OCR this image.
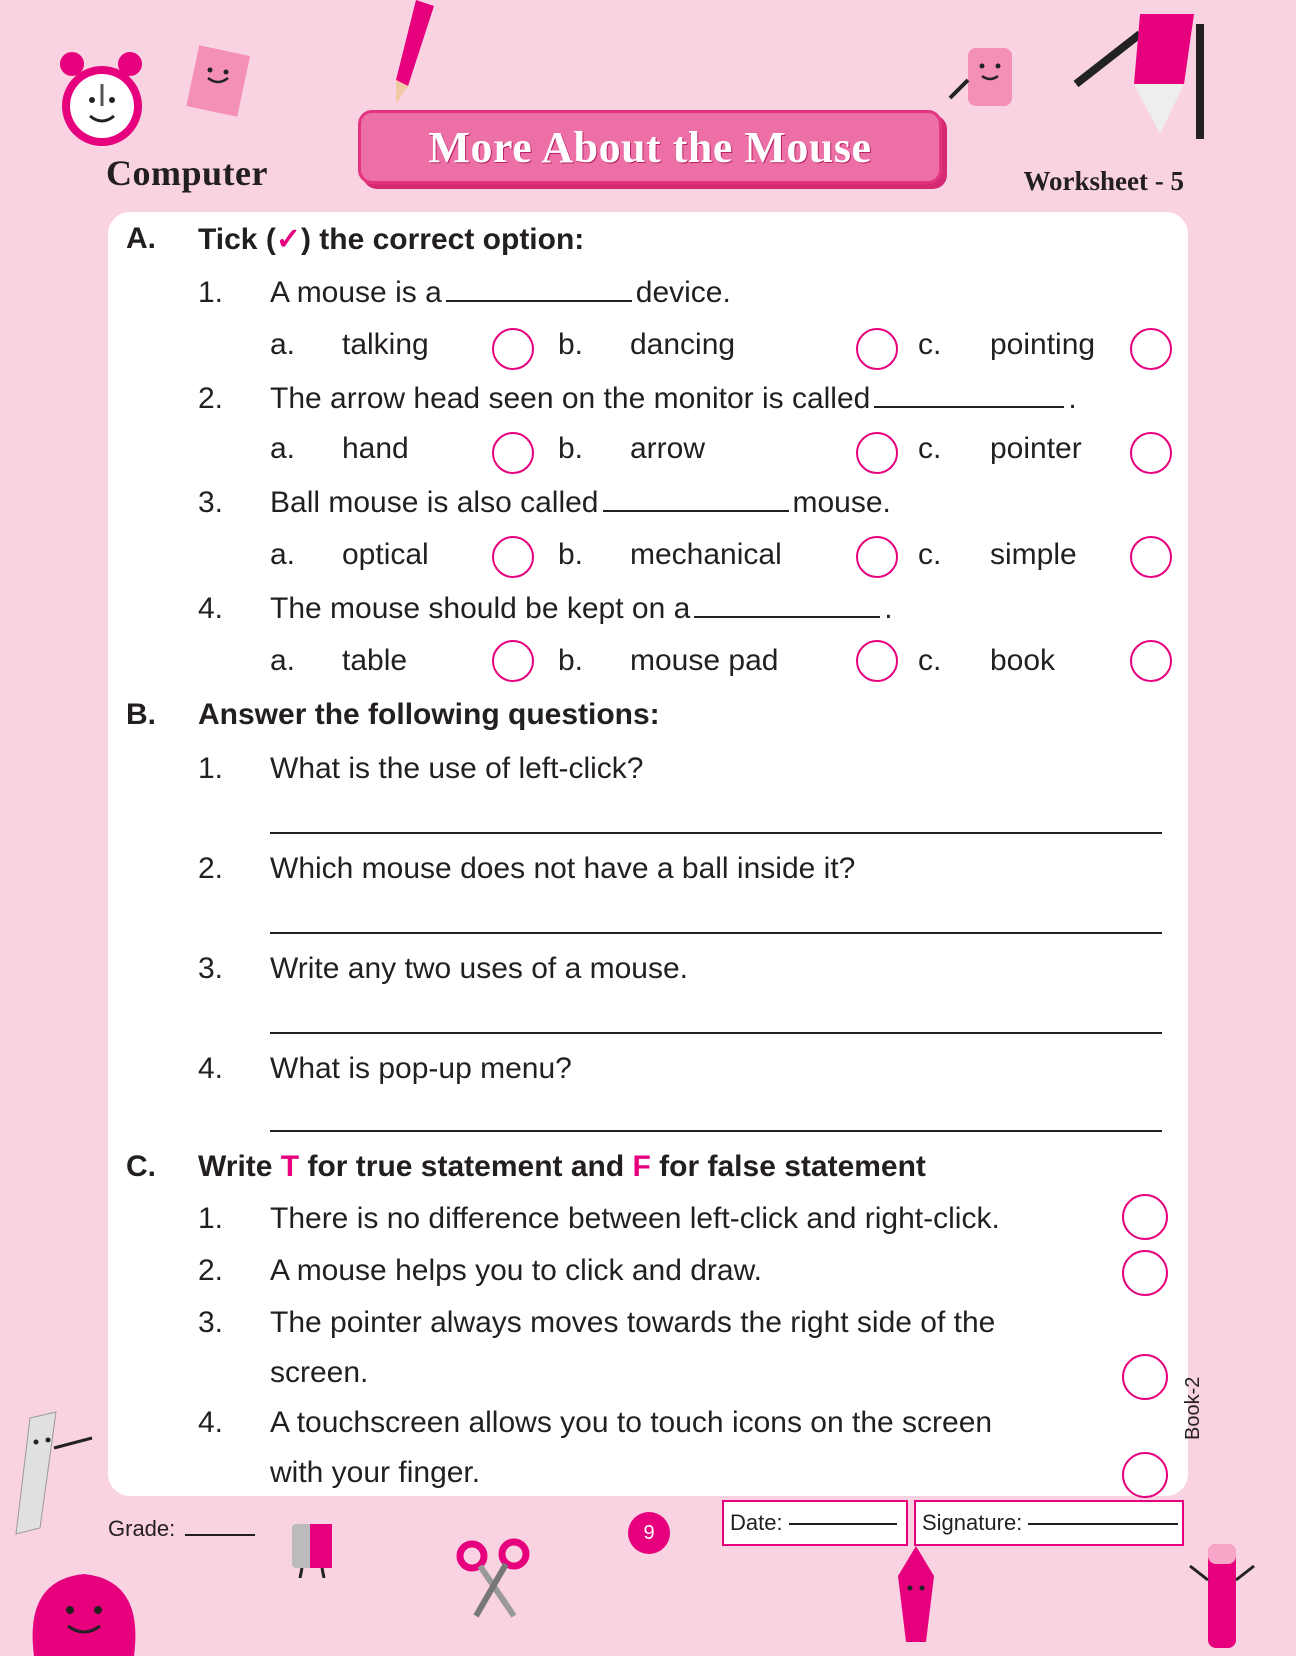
Computer
More About the Mouse
Worksheet - 5
A. Tick (✓) the correct option:
1. A mouse is a	device.
a. talking	b. dancing	c. pointing
2. The arrow head seen on the monitor is called	.
a. hand	b. arrow	c. pointer
3. Ball mouse is also called	mouse.
a. optical	b. mechanical	c. simple
4. The mouse should be kept on a	.
a. table	b. mouse pad	c. book
B. Answer the following questions:
1. What is the use of left-click?
2. Which mouse does not have a ball inside it?
3. Write any two uses of a mouse.
4. What is pop-up menu?
C. Write T for true statement and F for false statement
1. There is no difference between left-click and right-click.
2. A mouse helps you to click and draw.
3. The pointer always moves towards the right side of the
screen.
4. A touchscreen allows you to touch icons on the screen
with your finger.
Book-2
Grade:	9	Date:	Signature:
